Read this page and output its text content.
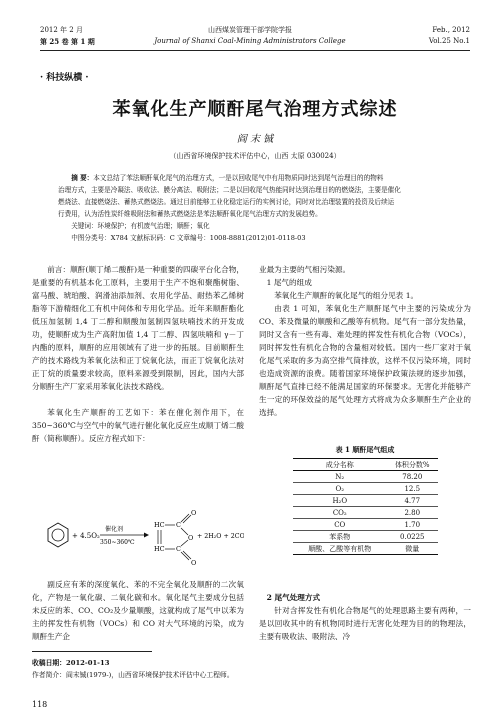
2012 年 2 月
第 25 卷 第 1 期
山西煤炭管理干部学院学报
Journal of Shanxi Coal-Mining Administrators College
Feb., 2012
Vol.25 No.1
· 科技纵横 ·
苯氧化生产顺酐尾气治理方式综述
阎 末 铖
（山西省环境保护技术评估中心，山西 太原 030024）
摘 要：本文总结了苯法顺酐氧化尾气的治理方式，一是以回收尾气中有用物质同时达到尾气治理目的的物料
治理方式，主要是冷凝法、吸收法、膜分离法、吸附法；二是以回收尾气热能同时达到治理目的的燃烧法，主要是催化
燃烧法、直接燃烧法、蓄热式燃烧法。通过目前能够工业化稳定运行的实例讨论，同时对比治理装置的投资及后续运
行费用，认为活性炭纤维吸附法和蓄热式燃烧法是苯法顺酐氧化尾气治理方式的发展趋势。
关键词：环境保护；有机废气治理；顺酐；氧化
中图分类号：X784 文献标识码：C 文章编号：1008-8881(2012)01-0118-03

前言：顺酐(顺丁烯二酸酐)是一种重要的四碳平台化合物，是重要的有机基本化工原料，主要用于生产不饱和聚酯树脂、富马酸、琥珀酸、润滑油添加剂、农用化学品、耐热苯乙烯树脂等下游精细化工有机中间体和专用化学品。近年来顺酐酯化低压加氢制 1,4 丁二醇和顺酸加氢制四氢呋喃技术的开发成功，使顺酐成为生产高附加值 1,4 丁二醇、四氢呋喃和 γ－丁内酯的原料，顺酐的应用领域有了进一步的拓展。目前顺酐生产的技术路线为苯氧化法和正丁烷氧化法，而正丁烷氧化法对正丁烷的质量要求较高，原料来源受到限制，因此，国内大部分顺酐生产厂家采用苯氧化法技术路线。

苯氧化生产顺酐的工艺如下：苯在催化剂作用下，在 350~360℃与空气中的氧气进行催化氧化反应生成顺丁烯二酸酐（简称顺酐）。反应方程式如下：

+ 4.5O₂
催化剂
350~360℃
HC
HC
C
C
O
O
O
+ 2H₂O + 2CO₂

副反应有苯的深度氧化、苯的不完全氧化及顺酐的二次氧化，产物是一氧化碳、二氧化碳和水。氧化尾气主要成分包括未反应的苯、CO、CO₂及少量顺酸，这就构成了尾气中以苯为主的挥发性有机物（VOCs）和 CO 对大气环境的污染，成为顺酐生产企

业最为主要的气相污染源。
1 尾气的组成

苯氧化生产顺酐的氧化尾气的组分见表 1。

由表 1 可知，苯氧化生产顺酐尾气中主要的污染成分为 CO、苯及微量的顺酸和乙酸等有机物。尾气有一部分发热量，同时又含有一些有毒、难处理的挥发性有机化合物（VOCs），同时挥发性有机化合物的含量相对较低。国内一些厂家对于氧化尾气采取的多为高空排气筒排放，这样不仅污染环境，同时也造成资源的浪费。随着国家环境保护政策法规的逐步加强，顺酐尾气直排已经不能满足国家的环保要求。无害化并能够产生一定的环保效益的尾气处理方式将成为众多顺酐生产企业的选择。

表 1 顺酐尾气组成
成分名称	体积分数%
N₂	78.20
O₂	12.5
H₂O	4.77
CO₂	2.80
CO	1.70
苯系物	0.0225
顺酸、乙酸等有机物	微量
2 尾气处理方式

针对含挥发性有机化合物尾气的处理思路主要有两种，一是以回收其中的有机物同时进行无害化处理为目的的物理法，主要有吸收法、吸附法、冷

收稿日期：2012-01-13
作者简介：阎末铖(1979-)，山西省环境保护技术评估中心工程师。
118
